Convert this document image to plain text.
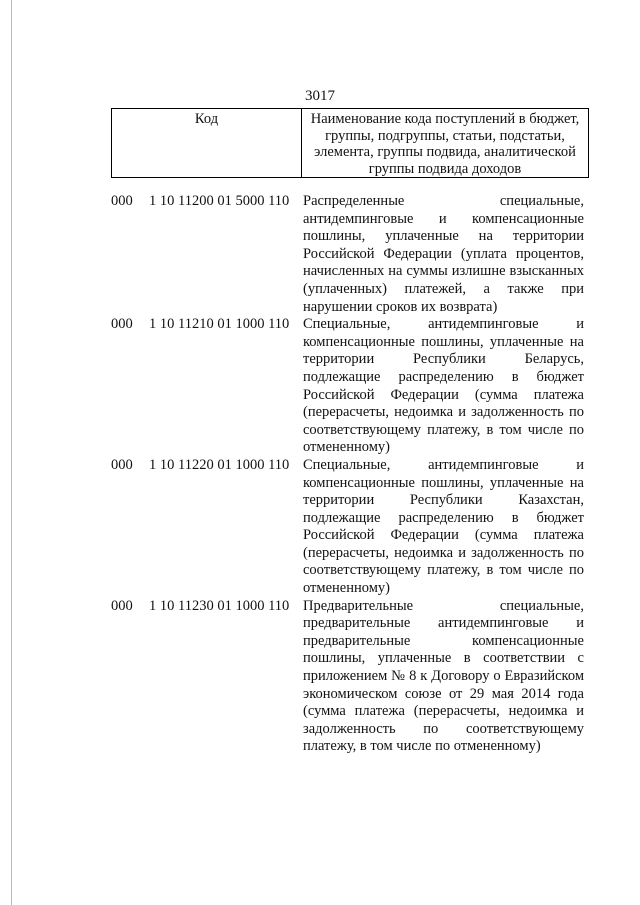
3017
Код	Наименование кода поступлений в бюджет, группы, подгруппы, статьи, подстатьи, элемента, группы подвида, аналитической группы подвида доходов
000	1 10 11200 01 5000 110 Распределенные специальные, антидемпинговые и компенсационные пошлины, уплаченные на территории Российской Федерации (уплата процентов, начисленных на суммы излишне взысканных (уплаченных) платежей, а также при нарушении сроков их возврата)
000	1 10 11210 01 1000 110 Специальные, антидемпинговые и компенсационные пошлины, уплаченные на территории Республики Беларусь, подлежащие распределению в бюджет Российской Федерации (сумма платежа (перерасчеты, недоимка и задолженность по соответствующему платежу, в том числе по отмененному)
000	1 10 11220 01 1000 110 Специальные, антидемпинговые и компенсационные пошлины, уплаченные на территории Республики Казахстан, подлежащие распределению в бюджет Российской Федерации (сумма платежа (перерасчеты, недоимка и задолженность по соответствующему платежу, в том числе по отмененному)
000	1 10 11230 01 1000 110 Предварительные специальные, предварительные антидемпинговые и предварительные компенсационные пошлины, уплаченные в соответствии с приложением № 8 к Договору о Евразийском экономическом союзе от 29 мая 2014 года (сумма платежа (перерасчеты, недоимка и задолженность по соответствующему платежу, в том числе по отмененному)
